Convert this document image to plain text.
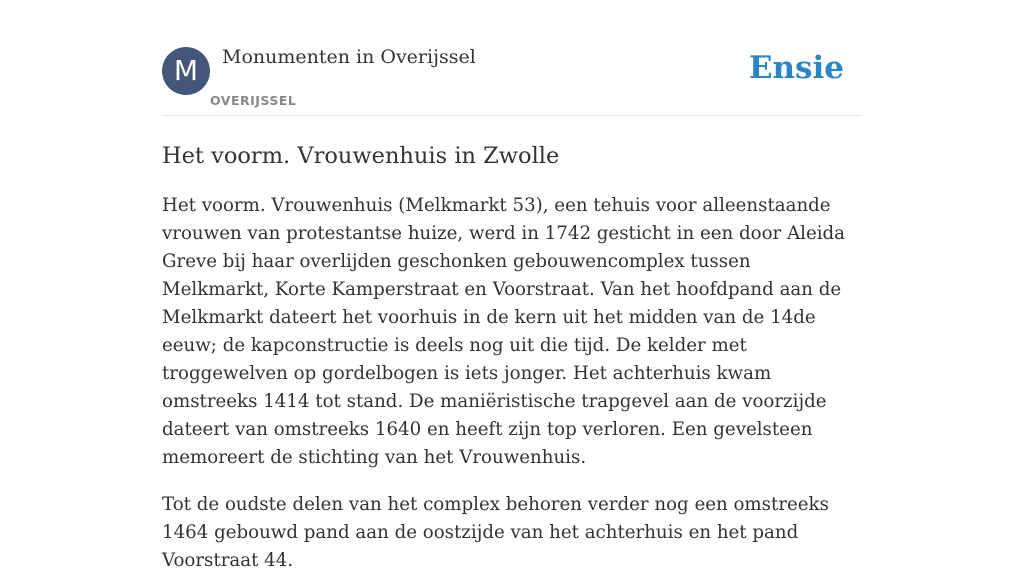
M	Monumenten in Overijssel
OVERIJSSEL
Ensie
Het voorm. Vrouwenhuis in Zwolle

Het voorm. Vrouwenhuis (Melkmarkt 53), een tehuis voor alleenstaande vrouwen van protestantse huize, werd in 1742 gesticht in een door Aleida Greve bij haar overlijden geschonken gebouwencomplex tussen Melkmarkt, Korte Kamperstraat en Voorstraat. Van het hoofdpand aan de Melkmarkt dateert het voorhuis in de kern uit het midden van de 14de eeuw; de kapconstructie is deels nog uit die tijd. De kelder met troggewelven op gordelbogen is iets jonger. Het achterhuis kwam omstreeks 1414 tot stand. De maniëristische trapgevel aan de voorzijde dateert van omstreeks 1640 en heeft zijn top verloren. Een gevelsteen memoreert de stichting van het Vrouwenhuis.

Tot de oudste delen van het complex behoren verder nog een omstreeks 1464 gebouwd pand aan de oostzijde van het achterhuis en het pand Voorstraat 44.
